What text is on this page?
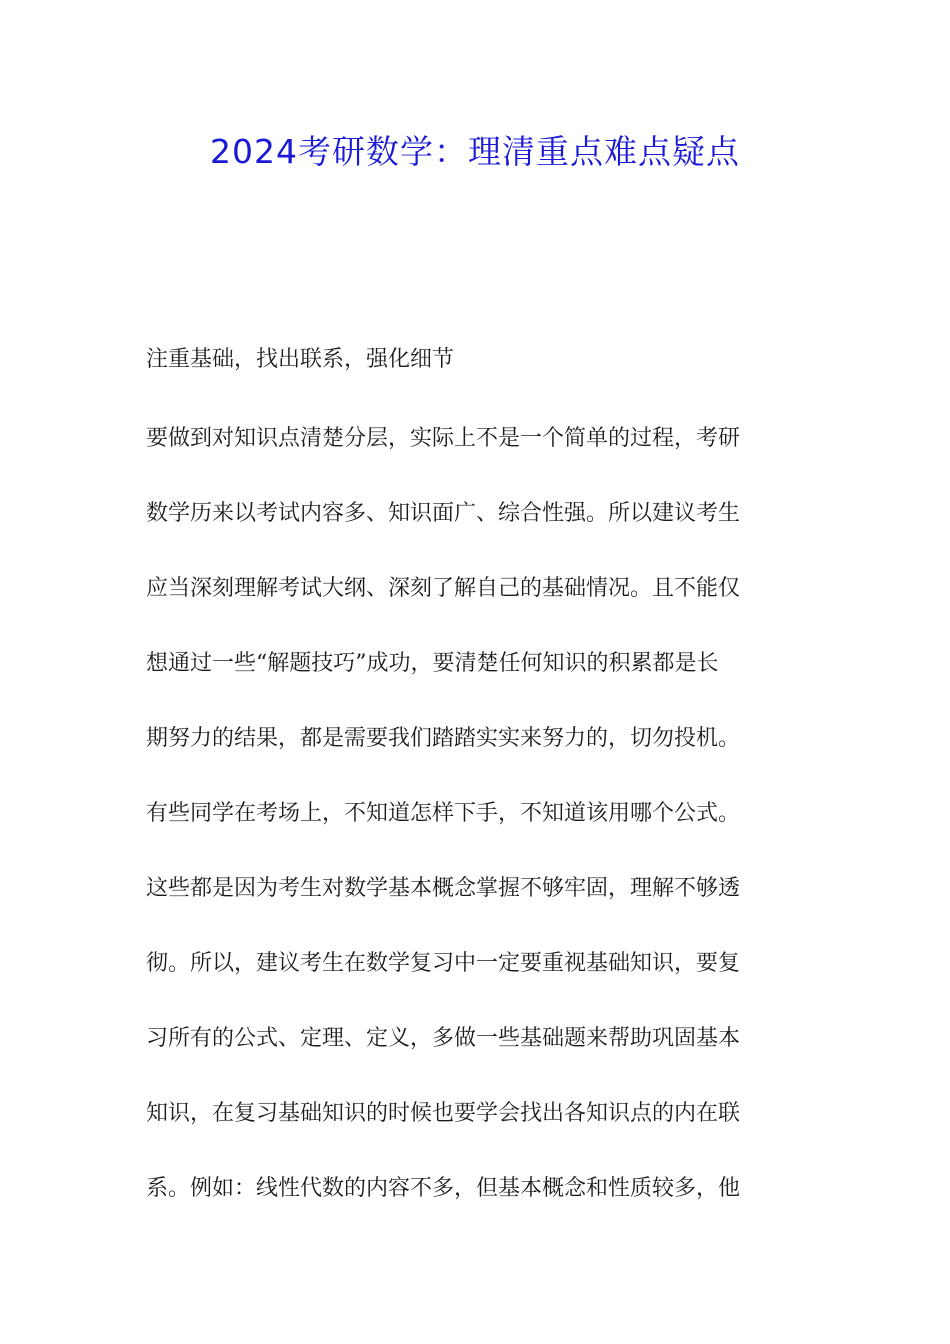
2024考研数学：理清重点难点疑点
注重基础，找出联系，强化细节
要做到对知识点清楚分层，实际上不是一个简单的过程，考研
数学历来以考试内容多、知识面广、综合性强。所以建议考生
应当深刻理解考试大纲、深刻了解自己的基础情况。且不能仅
想通过一些“解题技巧”成功，要清楚任何知识的积累都是长
期努力的结果，都是需要我们踏踏实实来努力的，切勿投机。
有些同学在考场上，不知道怎样下手，不知道该用哪个公式。
这些都是因为考生对数学基本概念掌握不够牢固，理解不够透
彻。所以，建议考生在数学复习中一定要重视基础知识，要复
习所有的公式、定理、定义，多做一些基础题来帮助巩固基本
知识，在复习基础知识的时候也要学会找出各知识点的内在联
系。例如：线性代数的内容不多，但基本概念和性质较多，他
